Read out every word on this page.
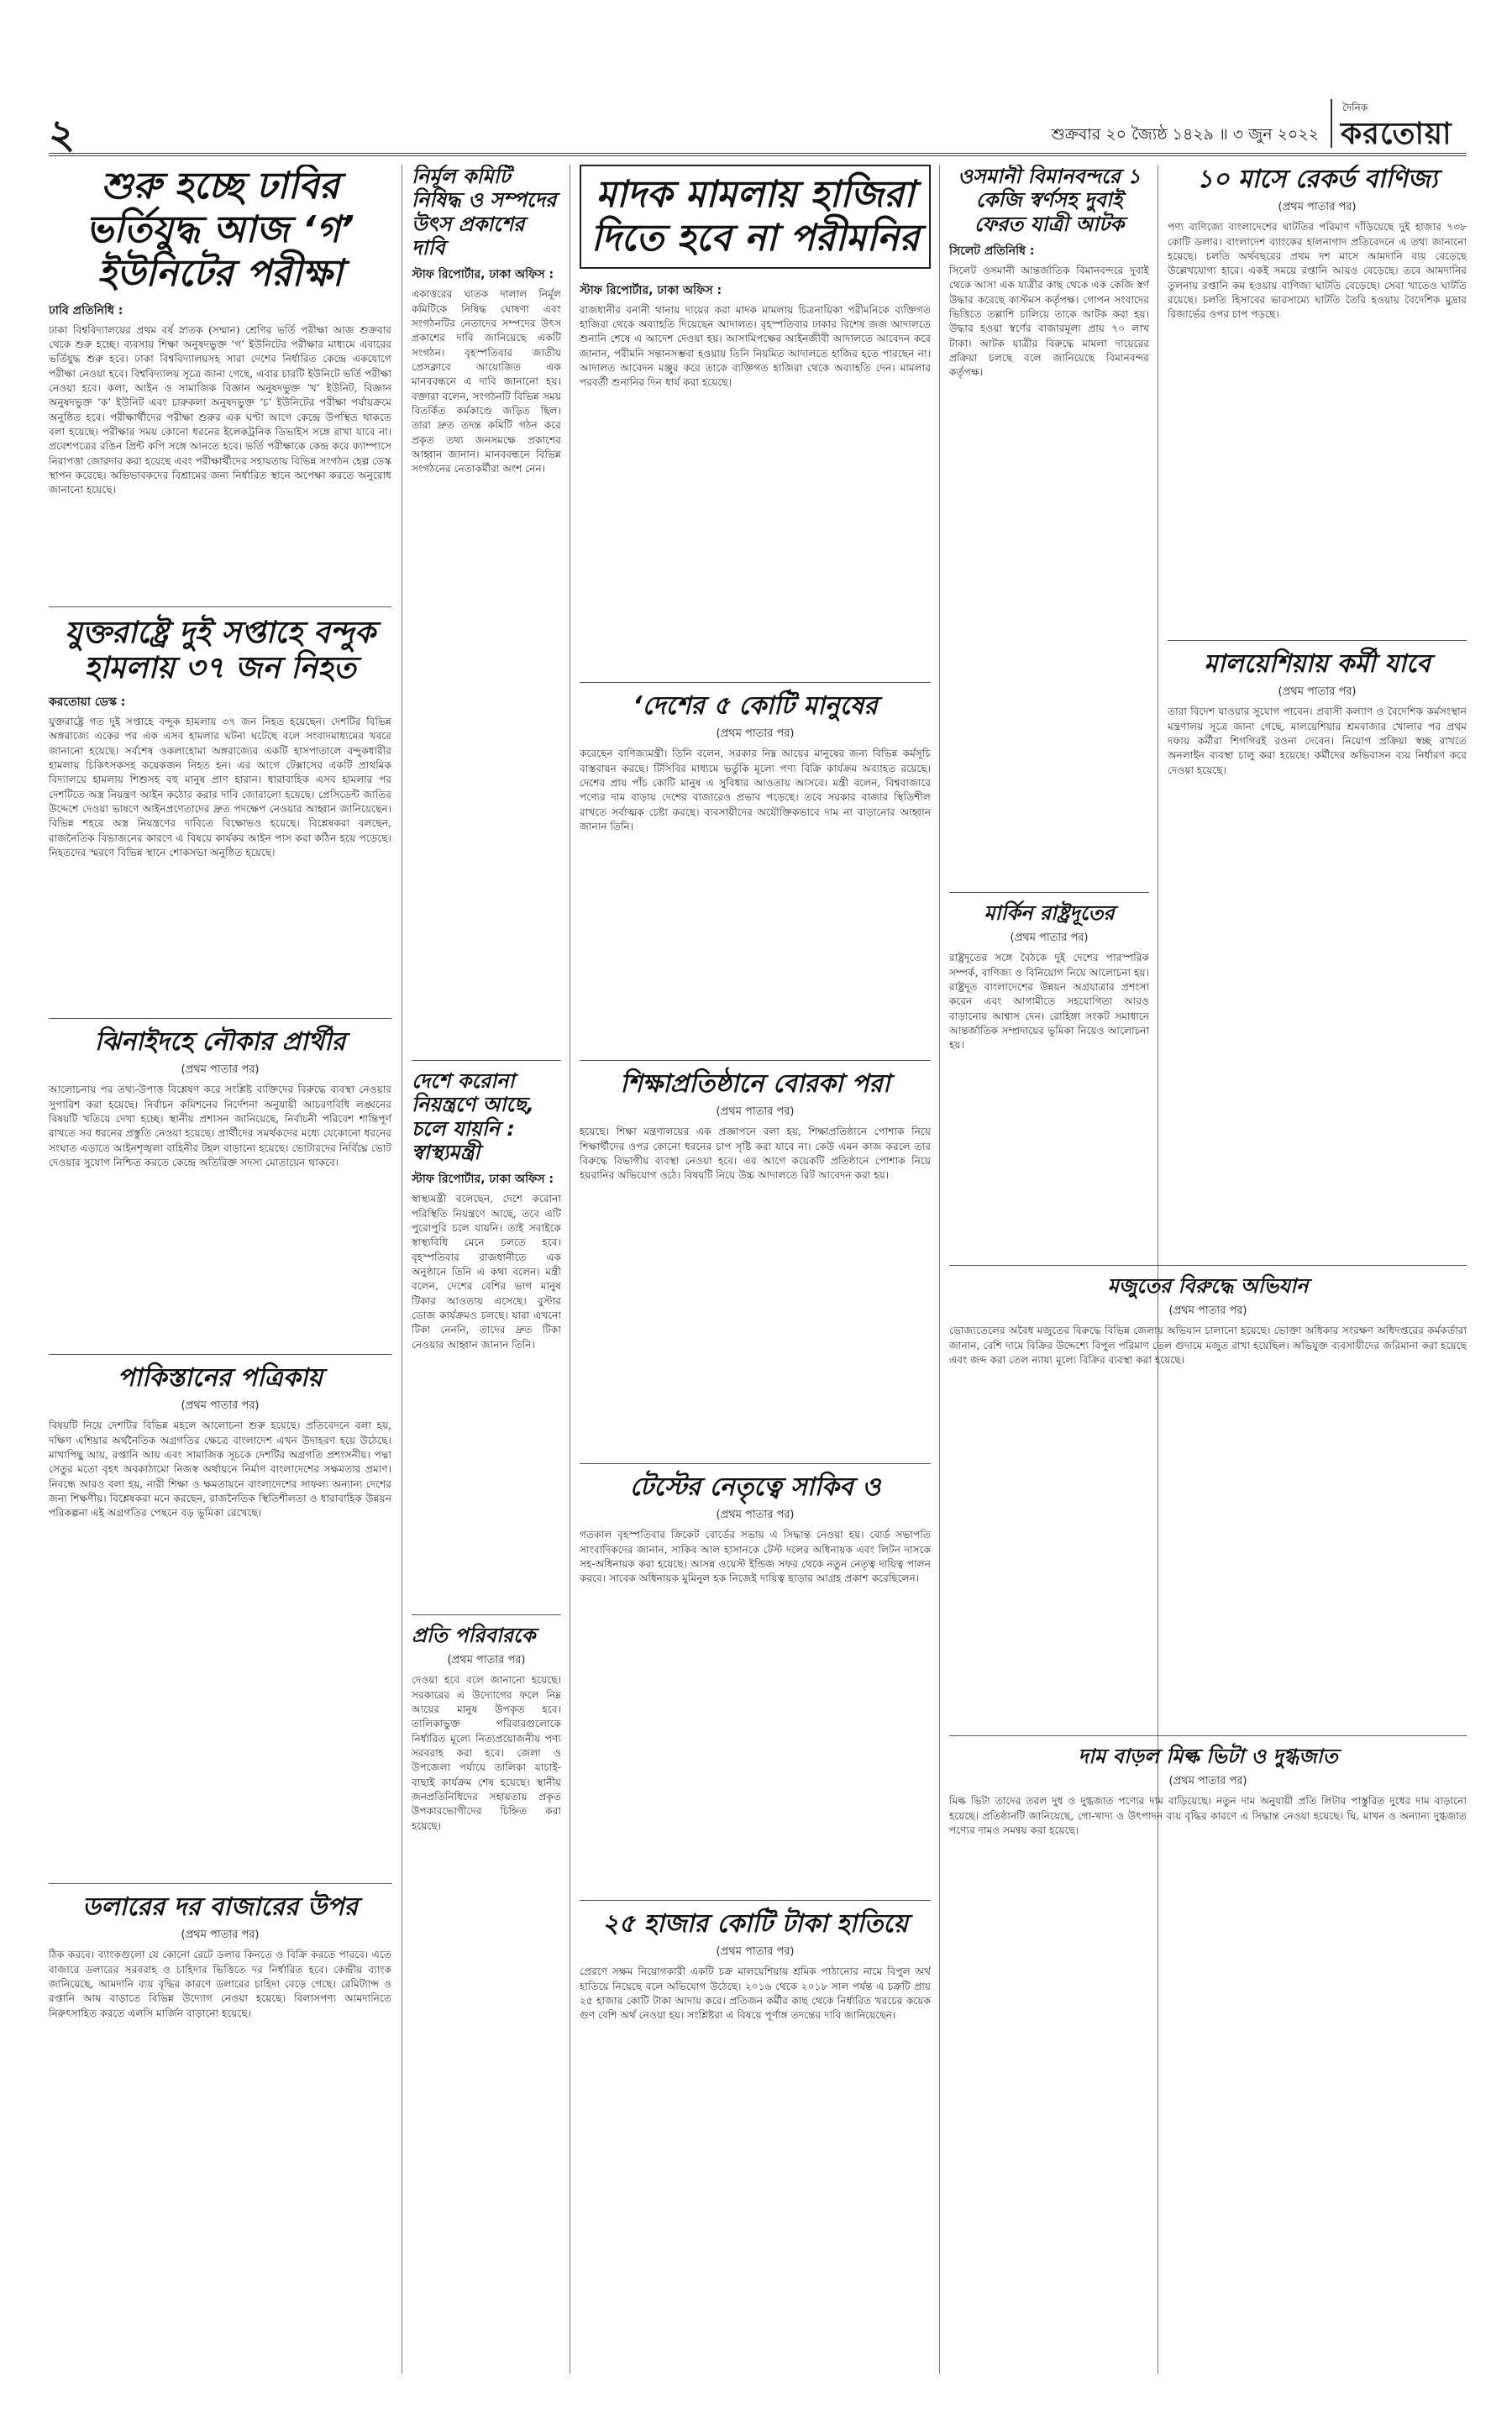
২	শুক্রবার ২০ জ্যৈষ্ঠ ১৪২৯ ॥ ৩ জুন ২০২২
দৈনিক
করতোয়া
শুরু হচ্ছে ঢাবির ভর্তিযুদ্ধ আজ ‘গ’ ইউনিটের পরীক্ষা

ঢাবি প্রতিনিধি :

ঢাকা বিশ্ববিদ্যালয়ের প্রথম বর্ষ স্নাতক (সম্মান) শ্রেণির ভর্তি পরীক্ষা আজ শুক্রবার থেকে শুরু হচ্ছে। ব্যবসায় শিক্ষা অনুষদভুক্ত ‘গ’ ইউনিটের পরীক্ষার মাধ্যমে এবারের ভর্তিযুদ্ধ শুরু হবে। ঢাকা বিশ্ববিদ্যালয়সহ সারা দেশের নির্ধারিত কেন্দ্রে একযোগে পরীক্ষা নেওয়া হবে। বিশ্ববিদ্যালয় সূত্রে জানা গেছে, এবার চারটি ইউনিটে ভর্তি পরীক্ষা নেওয়া হবে। কলা, আইন ও সামাজিক বিজ্ঞান অনুষদভুক্ত ‘খ’ ইউনিট, বিজ্ঞান অনুষদভুক্ত ‘ক’ ইউনিট এবং চারুকলা অনুষদভুক্ত ‘চ’ ইউনিটের পরীক্ষা পর্যায়ক্রমে অনুষ্ঠিত হবে। পরীক্ষার্থীদের পরীক্ষা শুরুর এক ঘণ্টা আগে কেন্দ্রে উপস্থিত থাকতে বলা হয়েছে। পরীক্ষার সময় কোনো ধরনের ইলেকট্রনিক ডিভাইস সঙ্গে রাখা যাবে না। প্রবেশপত্রের রঙিন প্রিন্ট কপি সঙ্গে আনতে হবে। ভর্তি পরীক্ষাকে কেন্দ্র করে ক্যাম্পাসে নিরাপত্তা জোরদার করা হয়েছে এবং পরীক্ষার্থীদের সহায়তায় বিভিন্ন সংগঠন হেল্প ডেস্ক স্থাপন করেছে। অভিভাবকদের বিশ্রামের জন্য নির্ধারিত স্থানে অপেক্ষা করতে অনুরোধ জানানো হয়েছে।

যুক্তরাষ্ট্রে দুই সপ্তাহে বন্দুক হামলায় ৩৭ জন নিহত

করতোয়া ডেস্ক :

যুক্তরাষ্ট্রে গত দুই সপ্তাহে বন্দুক হামলায় ৩৭ জন নিহত হয়েছেন। দেশটির বিভিন্ন অঙ্গরাজ্যে একের পর এক এসব হামলার ঘটনা ঘটেছে বলে সংবাদমাধ্যমের খবরে জানানো হয়েছে। সর্বশেষ ওকলাহোমা অঙ্গরাজ্যের একটি হাসপাতালে বন্দুকধারীর হামলায় চিকিৎসকসহ কয়েকজন নিহত হন। এর আগে টেক্সাসের একটি প্রাথমিক বিদ্যালয়ে হামলায় শিশুসহ বহু মানুষ প্রাণ হারান। ধারাবাহিক এসব হামলার পর দেশটিতে অস্ত্র নিয়ন্ত্রণ আইন কঠোর করার দাবি জোরালো হয়েছে। প্রেসিডেন্ট জাতির উদ্দেশে দেওয়া ভাষণে আইনপ্রণেতাদের দ্রুত পদক্ষেপ নেওয়ার আহ্বান জানিয়েছেন। বিভিন্ন শহরে অস্ত্র নিয়ন্ত্রণের দাবিতে বিক্ষোভও হয়েছে। বিশ্লেষকরা বলছেন, রাজনৈতিক বিভাজনের কারণে এ বিষয়ে কার্যকর আইন পাস করা কঠিন হয়ে পড়েছে। নিহতদের স্মরণে বিভিন্ন স্থানে শোকসভা অনুষ্ঠিত হয়েছে।

ঝিনাইদহে নৌকার প্রার্থীর

(প্রথম পাতার পর)

আলোচনায় পর তথ্য-উপাত্ত বিশ্লেষণ করে সংশ্লিষ্ট ব্যক্তিদের বিরুদ্ধে ব্যবস্থা নেওয়ার সুপারিশ করা হয়েছে। নির্বাচন কমিশনের নির্দেশনা অনুযায়ী আচরণবিধি লঙ্ঘনের বিষয়টি খতিয়ে দেখা হচ্ছে। স্থানীয় প্রশাসন জানিয়েছে, নির্বাচনী পরিবেশ শান্তিপূর্ণ রাখতে সব ধরনের প্রস্তুতি নেওয়া হয়েছে। প্রার্থীদের সমর্থকদের মধ্যে যেকোনো ধরনের সংঘাত এড়াতে আইনশৃঙ্খলা বাহিনীর টহল বাড়ানো হয়েছে। ভোটারদের নির্বিঘ্নে ভোট দেওয়ার সুযোগ নিশ্চিত করতে কেন্দ্রে অতিরিক্ত সদস্য মোতায়েন থাকবে।

পাকিস্তানের পত্রিকায়

(প্রথম পাতার পর)

বিষয়টি নিয়ে দেশটির বিভিন্ন মহলে আলোচনা শুরু হয়েছে। প্রতিবেদনে বলা হয়, দক্ষিণ এশিয়ার অর্থনৈতিক অগ্রগতির ক্ষেত্রে বাংলাদেশ এখন উদাহরণ হয়ে উঠেছে। মাথাপিছু আয়, রপ্তানি আয় এবং সামাজিক সূচকে দেশটির অগ্রগতি প্রশংসনীয়। পদ্মা সেতুর মতো বৃহৎ অবকাঠামো নিজস্ব অর্থায়নে নির্মাণ বাংলাদেশের সক্ষমতার প্রমাণ। নিবন্ধে আরও বলা হয়, নারী শিক্ষা ও ক্ষমতায়নে বাংলাদেশের সাফল্য অন্যান্য দেশের জন্য শিক্ষণীয়। বিশ্লেষকরা মনে করছেন, রাজনৈতিক স্থিতিশীলতা ও ধারাবাহিক উন্নয়ন পরিকল্পনা এই অগ্রগতির পেছনে বড় ভূমিকা রেখেছে।

ডলারের দর বাজারের উপর

(প্রথম পাতার পর)

ঠিক করবে। ব্যাংকগুলো যে কোনো রেটে ডলার কিনতে ও বিক্রি করতে পারবে। এতে বাজারে ডলারের সরবরাহ ও চাহিদার ভিত্তিতে দর নির্ধারিত হবে। কেন্দ্রীয় ব্যাংক জানিয়েছে, আমদানি ব্যয় বৃদ্ধির কারণে ডলারের চাহিদা বেড়ে গেছে। রেমিট্যান্স ও রপ্তানি আয় বাড়াতে বিভিন্ন উদ্যোগ নেওয়া হয়েছে। বিলাসপণ্য আমদানিতে নিরুৎসাহিত করতে এলসি মার্জিন বাড়ানো হয়েছে।

নির্মূল কমিটি নিষিদ্ধ ও সম্পদের উৎস প্রকাশের দাবি

স্টাফ রিপোর্টার, ঢাকা অফিস :

একাত্তরের ঘাতক দালাল নির্মূল কমিটিকে নিষিদ্ধ ঘোষণা এবং সংগঠনটির নেতাদের সম্পদের উৎস প্রকাশের দাবি জানিয়েছে একটি সংগঠন। বৃহস্পতিবার জাতীয় প্রেসক্লাবে আয়োজিত এক মানববন্ধনে এ দাবি জানানো হয়। বক্তারা বলেন, সংগঠনটি বিভিন্ন সময় বিতর্কিত কর্মকাণ্ডে জড়িত ছিল। তারা দ্রুত তদন্ত কমিটি গঠন করে প্রকৃত তথ্য জনসমক্ষে প্রকাশের আহ্বান জানান। মানববন্ধনে বিভিন্ন সংগঠনের নেতাকর্মীরা অংশ নেন।

দেশে করোনা নিয়ন্ত্রণে আছে, চলে যায়নি : স্বাস্থ্যমন্ত্রী

স্টাফ রিপোর্টার, ঢাকা অফিস :

স্বাস্থ্যমন্ত্রী বলেছেন, দেশে করোনা পরিস্থিতি নিয়ন্ত্রণে আছে, তবে এটি পুরোপুরি চলে যায়নি। তাই সবাইকে স্বাস্থ্যবিধি মেনে চলতে হবে। বৃহস্পতিবার রাজধানীতে এক অনুষ্ঠানে তিনি এ কথা বলেন। মন্ত্রী বলেন, দেশের বেশির ভাগ মানুষ টিকার আওতায় এসেছে। বুস্টার ডোজ কার্যক্রমও চলছে। যারা এখনো টিকা নেননি, তাদের দ্রুত টিকা নেওয়ার আহ্বান জানান তিনি।

প্রতি পরিবারকে

(প্রথম পাতার পর)

দেওয়া হবে বলে জানানো হয়েছে। সরকারের এ উদ্যোগের ফলে নিম্ন আয়ের মানুষ উপকৃত হবে। তালিকাভুক্ত পরিবারগুলোকে নির্ধারিত মূল্যে নিত্যপ্রয়োজনীয় পণ্য সরবরাহ করা হবে। জেলা ও উপজেলা পর্যায়ে তালিকা যাচাই-বাছাই কার্যক্রম শেষ হয়েছে। স্থানীয় জনপ্রতিনিধিদের সহায়তায় প্রকৃত উপকারভোগীদের চিহ্নিত করা হয়েছে।

মাদক মামলায় হাজিরা দিতে হবে না পরীমনির

স্টাফ রিপোর্টার, ঢাকা অফিস :

রাজধানীর বনানী থানায় দায়ের করা মাদক মামলায় চিত্রনায়িকা পরীমনিকে ব্যক্তিগত হাজিরা থেকে অব্যাহতি দিয়েছেন আদালত। বৃহস্পতিবার ঢাকার বিশেষ জজ আদালতে শুনানি শেষে এ আদেশ দেওয়া হয়। আসামিপক্ষের আইনজীবী আদালতে আবেদন করে জানান, পরীমনি সন্তানসম্ভবা হওয়ায় তিনি নিয়মিত আদালতে হাজির হতে পারছেন না। আদালত আবেদন মঞ্জুর করে তাকে ব্যক্তিগত হাজিরা থেকে অব্যাহতি দেন। মামলার পরবর্তী শুনানির দিন ধার্য করা হয়েছে।

‘দেশের ৫ কোটি মানুষের

(প্রথম পাতার পর)

করেছেন বাণিজ্যমন্ত্রী। তিনি বলেন, সরকার নিম্ন আয়ের মানুষের জন্য বিভিন্ন কর্মসূচি বাস্তবায়ন করছে। টিসিবির মাধ্যমে ভর্তুকি মূল্যে পণ্য বিক্রি কার্যক্রম অব্যাহত রয়েছে। দেশের প্রায় পাঁচ কোটি মানুষ এ সুবিধার আওতায় আসবে। মন্ত্রী বলেন, বিশ্ববাজারে পণ্যের দাম বাড়ায় দেশের বাজারেও প্রভাব পড়েছে। তবে সরকার বাজার স্থিতিশীল রাখতে সর্বাত্মক চেষ্টা করছে। ব্যবসায়ীদের অযৌক্তিকভাবে দাম না বাড়ানোর আহ্বান জানান তিনি।

শিক্ষাপ্রতিষ্ঠানে বোরকা পরা

(প্রথম পাতার পর)

হয়েছে। শিক্ষা মন্ত্রণালয়ের এক প্রজ্ঞাপনে বলা হয়, শিক্ষাপ্রতিষ্ঠানে পোশাক নিয়ে শিক্ষার্থীদের ওপর কোনো ধরনের চাপ সৃষ্টি করা যাবে না। কেউ এমন কাজ করলে তার বিরুদ্ধে বিভাগীয় ব্যবস্থা নেওয়া হবে। এর আগে কয়েকটি প্রতিষ্ঠানে পোশাক নিয়ে হয়রানির অভিযোগ ওঠে। বিষয়টি নিয়ে উচ্চ আদালতে রিট আবেদন করা হয়।

টেস্টের নেতৃত্বে সাকিব ও

(প্রথম পাতার পর)

গতকাল বৃহস্পতিবার ক্রিকেট বোর্ডের সভায় এ সিদ্ধান্ত নেওয়া হয়। বোর্ড সভাপতি সাংবাদিকদের জানান, সাকিব আল হাসানকে টেস্ট দলের অধিনায়ক এবং লিটন দাসকে সহ-অধিনায়ক করা হয়েছে। আসন্ন ওয়েস্ট ইন্ডিজ সফর থেকে নতুন নেতৃত্ব দায়িত্ব পালন করবে। সাবেক অধিনায়ক মুমিনুল হক নিজেই দায়িত্ব ছাড়ার আগ্রহ প্রকাশ করেছিলেন।

২৫ হাজার কোটি টাকা হাতিয়ে

(প্রথম পাতার পর)

প্রেরণে সক্ষম নিয়োগকারী একটি চক্র মালয়েশিয়ায় শ্রমিক পাঠানোর নামে বিপুল অর্থ হাতিয়ে নিয়েছে বলে অভিযোগ উঠেছে। ২০১৬ থেকে ২০১৮ সাল পর্যন্ত এ চক্রটি প্রায় ২৫ হাজার কোটি টাকা আদায় করে। প্রতিজন কর্মীর কাছ থেকে নির্ধারিত খরচের কয়েক গুণ বেশি অর্থ নেওয়া হয়। সংশ্লিষ্টরা এ বিষয়ে পূর্ণাঙ্গ তদন্তের দাবি জানিয়েছেন।

ওসমানী বিমানবন্দরে ১ কেজি স্বর্ণসহ দুবাই ফেরত যাত্রী আটক

সিলেট প্রতিনিধি :

সিলেট ওসমানী আন্তর্জাতিক বিমানবন্দরে দুবাই থেকে আসা এক যাত্রীর কাছ থেকে এক কেজি স্বর্ণ উদ্ধার করেছে কাস্টমস কর্তৃপক্ষ। গোপন সংবাদের ভিত্তিতে তল্লাশি চালিয়ে তাকে আটক করা হয়। উদ্ধার হওয়া স্বর্ণের বাজারমূল্য প্রায় ৭০ লাখ টাকা। আটক যাত্রীর বিরুদ্ধে মামলা দায়েরের প্রক্রিয়া চলছে বলে জানিয়েছে বিমানবন্দর কর্তৃপক্ষ।

মার্কিন রাষ্ট্রদূতের

(প্রথম পাতার পর)

রাষ্ট্রদূতের সঙ্গে বৈঠকে দুই দেশের পারস্পরিক সম্পর্ক, বাণিজ্য ও বিনিয়োগ নিয়ে আলোচনা হয়। রাষ্ট্রদূত বাংলাদেশের উন্নয়ন অগ্রযাত্রার প্রশংসা করেন এবং আগামীতে সহযোগিতা আরও বাড়ানোর আশ্বাস দেন। রোহিঙ্গা সংকট সমাধানে আন্তর্জাতিক সম্প্রদায়ের ভূমিকা নিয়েও আলোচনা হয়।

মজুতের বিরুদ্ধে অভিযান

(প্রথম পাতার পর)

ভোজ্যতেলের অবৈধ মজুতের বিরুদ্ধে বিভিন্ন জেলায় অভিযান চালানো হয়েছে। ভোক্তা অধিকার সংরক্ষণ অধিদপ্তরের কর্মকর্তারা জানান, বেশি দামে বিক্রির উদ্দেশ্যে বিপুল পরিমাণ তেল গুদামে মজুত রাখা হয়েছিল। অভিযুক্ত ব্যবসায়ীদের জরিমানা করা হয়েছে এবং জব্দ করা তেল ন্যায্য মূল্যে বিক্রির ব্যবস্থা করা হয়েছে।

১০ মাসে রেকর্ড বাণিজ্য

(প্রথম পাতার পর)

পণ্য বাণিজ্যে বাংলাদেশের ঘাটতির পরিমাণ দাঁড়িয়েছে দুই হাজার ৭৩৮ কোটি ডলার। বাংলাদেশ ব্যাংকের হালনাগাদ প্রতিবেদনে এ তথ্য জানানো হয়েছে। চলতি অর্থবছরের প্রথম দশ মাসে আমদানি ব্যয় বেড়েছে উল্লেখযোগ্য হারে। একই সময়ে রপ্তানি আয়ও বেড়েছে। তবে আমদানির তুলনায় রপ্তানি কম হওয়ায় বাণিজ্য ঘাটতি বেড়েছে। সেবা খাতেও ঘাটতি রয়েছে। চলতি হিসাবের ভারসাম্যে ঘাটতি তৈরি হওয়ায় বৈদেশিক মুদ্রার রিজার্ভের ওপর চাপ পড়ছে।

মালয়েশিয়ায় কর্মী যাবে

(প্রথম পাতার পর)

তারা বিদেশ যাওয়ার সুযোগ পাবেন। প্রবাসী কল্যাণ ও বৈদেশিক কর্মসংস্থান মন্ত্রণালয় সূত্রে জানা গেছে, মালয়েশিয়ার শ্রমবাজার খোলার পর প্রথম দফায় কর্মীরা শিগগিরই রওনা দেবেন। নিয়োগ প্রক্রিয়া স্বচ্ছ রাখতে অনলাইন ব্যবস্থা চালু করা হয়েছে। কর্মীদের অভিবাসন ব্যয় নির্ধারণ করে দেওয়া হয়েছে।

দাম বাড়ল মিল্ক ভিটা ও দুগ্ধজাত

(প্রথম পাতার পর)

মিল্ক ভিটা তাদের তরল দুধ ও দুগ্ধজাত পণ্যের দাম বাড়িয়েছে। নতুন দাম অনুযায়ী প্রতি লিটার পাস্তুরিত দুধের দাম বাড়ানো হয়েছে। প্রতিষ্ঠানটি জানিয়েছে, গো-খাদ্য ও উৎপাদন ব্যয় বৃদ্ধির কারণে এ সিদ্ধান্ত নেওয়া হয়েছে। ঘি, মাখন ও অন্যান্য দুগ্ধজাত পণ্যের দামও সমন্বয় করা হয়েছে।
